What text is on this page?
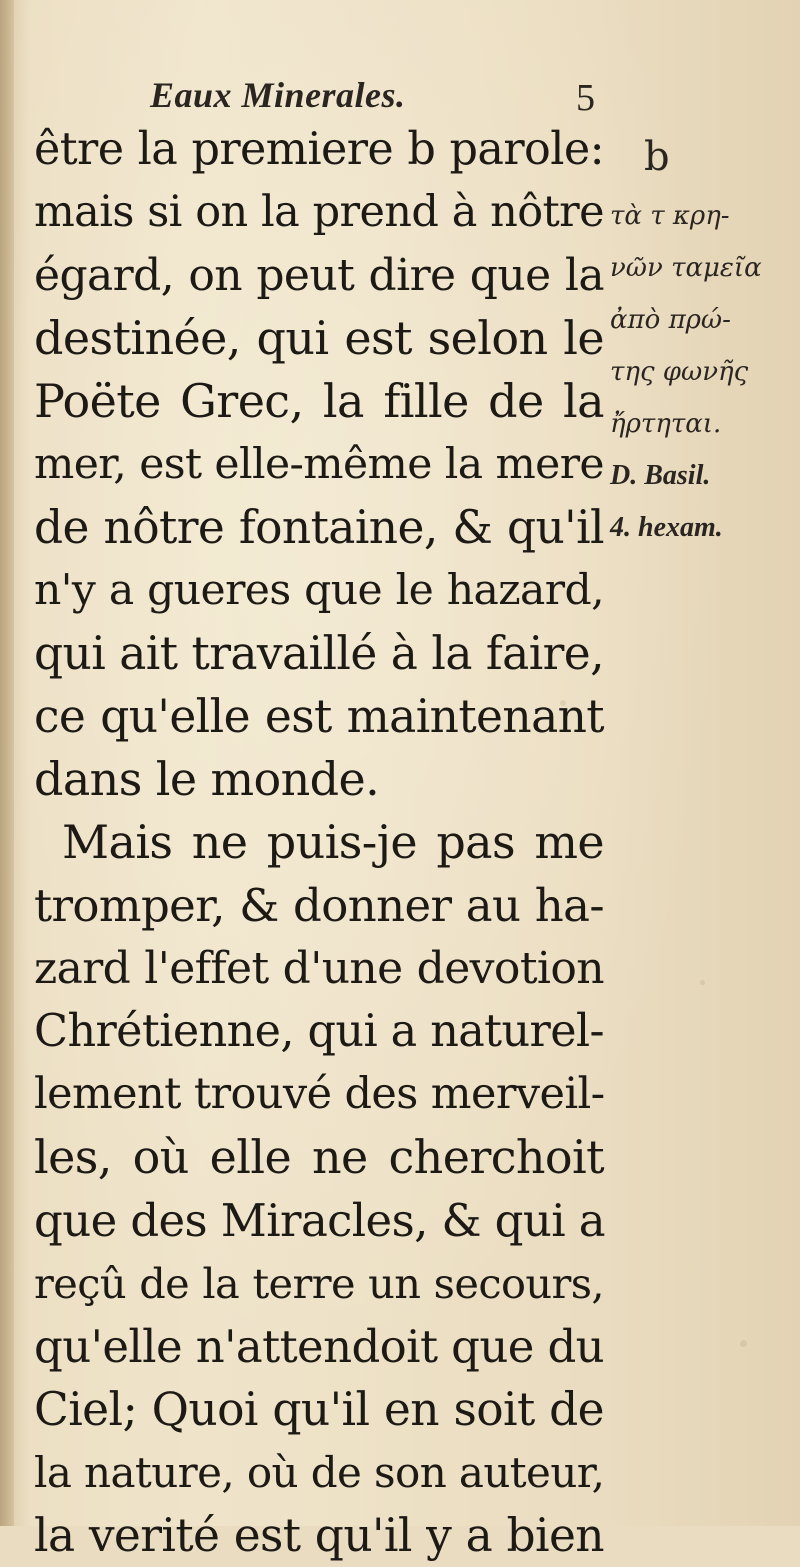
Eaux Minerales.	5
être la premiere b parole:
mais si on la prend à nôtre
égard, on peut dire que la
destinée, qui est selon le
Poëte Grec, la fille de la
mer, est elle-même la mere
de nôtre fontaine, & qu'il
n'y a gueres que le hazard,
qui ait travaillé à la faire,
ce qu'elle est maintenant
dans le monde.
Mais ne puis-je pas me
tromper, & donner au ha-
zard l'effet d'une devotion
Chrétienne, qui a naturel-
lement trouvé des merveil-
les, où elle ne cherchoit
que des Miracles, & qui a
reçû de la terre un secours,
qu'elle n'attendoit que du
Ciel; Quoi qu'il en soit de
la nature, où de son auteur,
la verité est qu'il y a bien
b
τὰ τ κρη-
νῶν ταμεῖα
ἀπὸ πρώ-
της φωνῆς
ἤρτηται.
D. Basil.
4. hexam.
